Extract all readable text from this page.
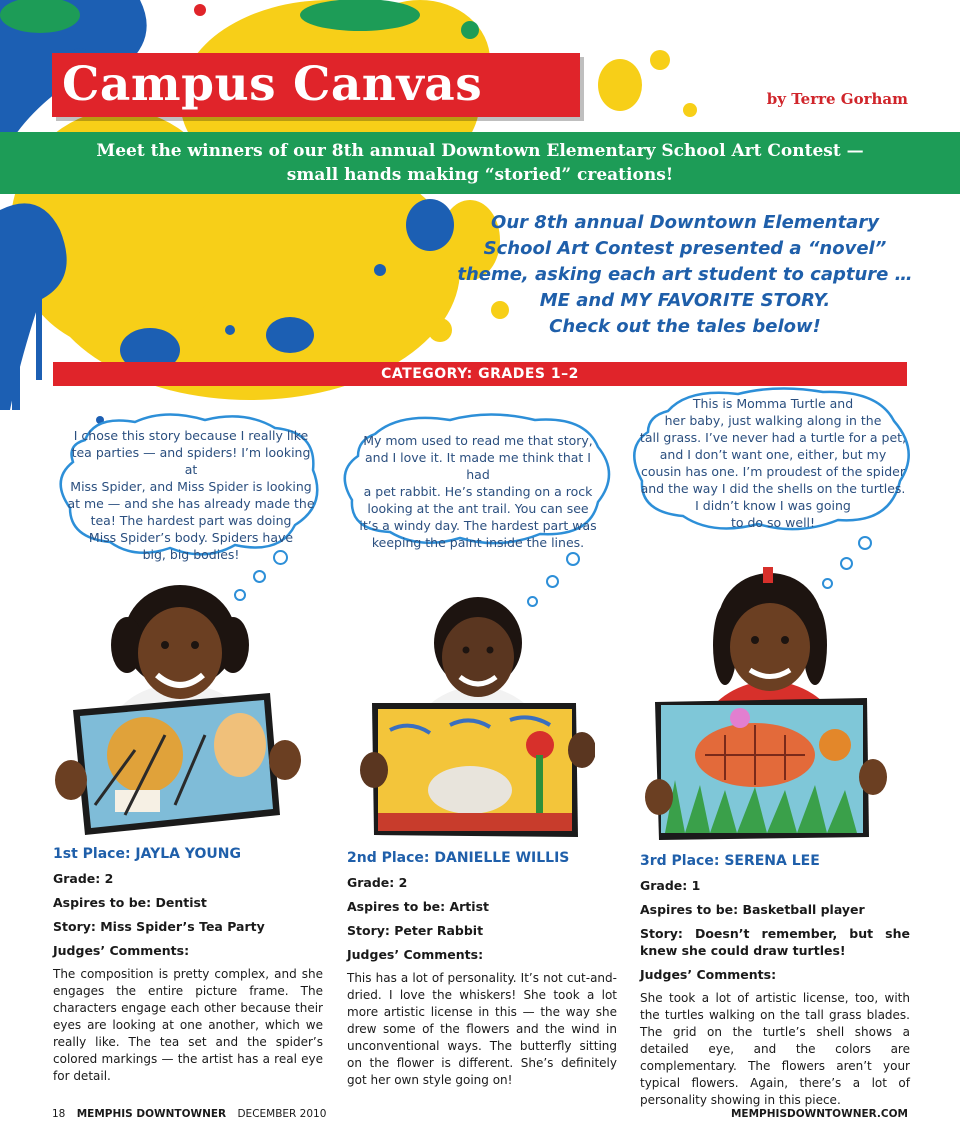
Campus Canvas	by Terre Gorham
Meet the winners of our 8th annual Downtown Elementary School Art Contest —
small hands making “storied” creations!
Our 8th annual Downtown Elementary
School Art Contest presented a “novel”
theme, asking each art student to capture …
ME and MY FAVORITE STORY.
Check out the tales below!
CATEGORY: GRADES 1–2
I chose this story because I really like
tea parties — and spiders! I’m looking at
Miss Spider, and Miss Spider is looking
at me — and she has already made the
tea! The hardest part was doing
Miss Spider’s body. Spiders have
big, big bodies!
My mom used to read me that story,
and I love it. It made me think that I had
a pet rabbit. He’s standing on a rock
looking at the ant trail. You can see
it’s a windy day. The hardest part was
keeping the paint inside the lines.
This is Momma Turtle and
her baby, just walking along in the
tall grass. I’ve never had a turtle for a pet,
and I don’t want one, either, but my
cousin has one. I’m proudest of the spider
and the way I did the shells on the turtles.
I didn’t know I was going
to do so well!
1st Place: JAYLA YOUNG
Grade: 2
Aspires to be: Dentist
Story: Miss Spider’s Tea Party
Judges’ Comments:
The composition is pretty complex, and she engages the entire picture frame. The characters engage each other because their eyes are looking at one another, which we really like. The tea set and the spider’s colored markings — the artist has a real eye for detail.
2nd Place: DANIELLE WILLIS
Grade: 2
Aspires to be: Artist
Story: Peter Rabbit
Judges’ Comments:
This has a lot of personality. It’s not cut-and-dried. I love the whiskers! She took a lot more artistic license in this — the way she drew some of the flowers and the wind in unconventional ways. The butterfly sitting on the flower is different. She’s definitely got her own style going on!
3rd Place: SERENA LEE
Grade: 1
Aspires to be: Basketball player
Story: Doesn’t remember, but she knew she could draw turtles!
Judges’ Comments:
She took a lot of artistic license, too, with the turtles walking on the tall grass blades. The grid on the turtle’s shell shows a detailed eye, and the colors are complementary. The flowers aren’t your typical flowers. Again, there’s a lot of personality showing in this piece.
18 MEMPHIS DOWNTOWNER DECEMBER 2010	MEMPHISDOWNTOWNER.COM
